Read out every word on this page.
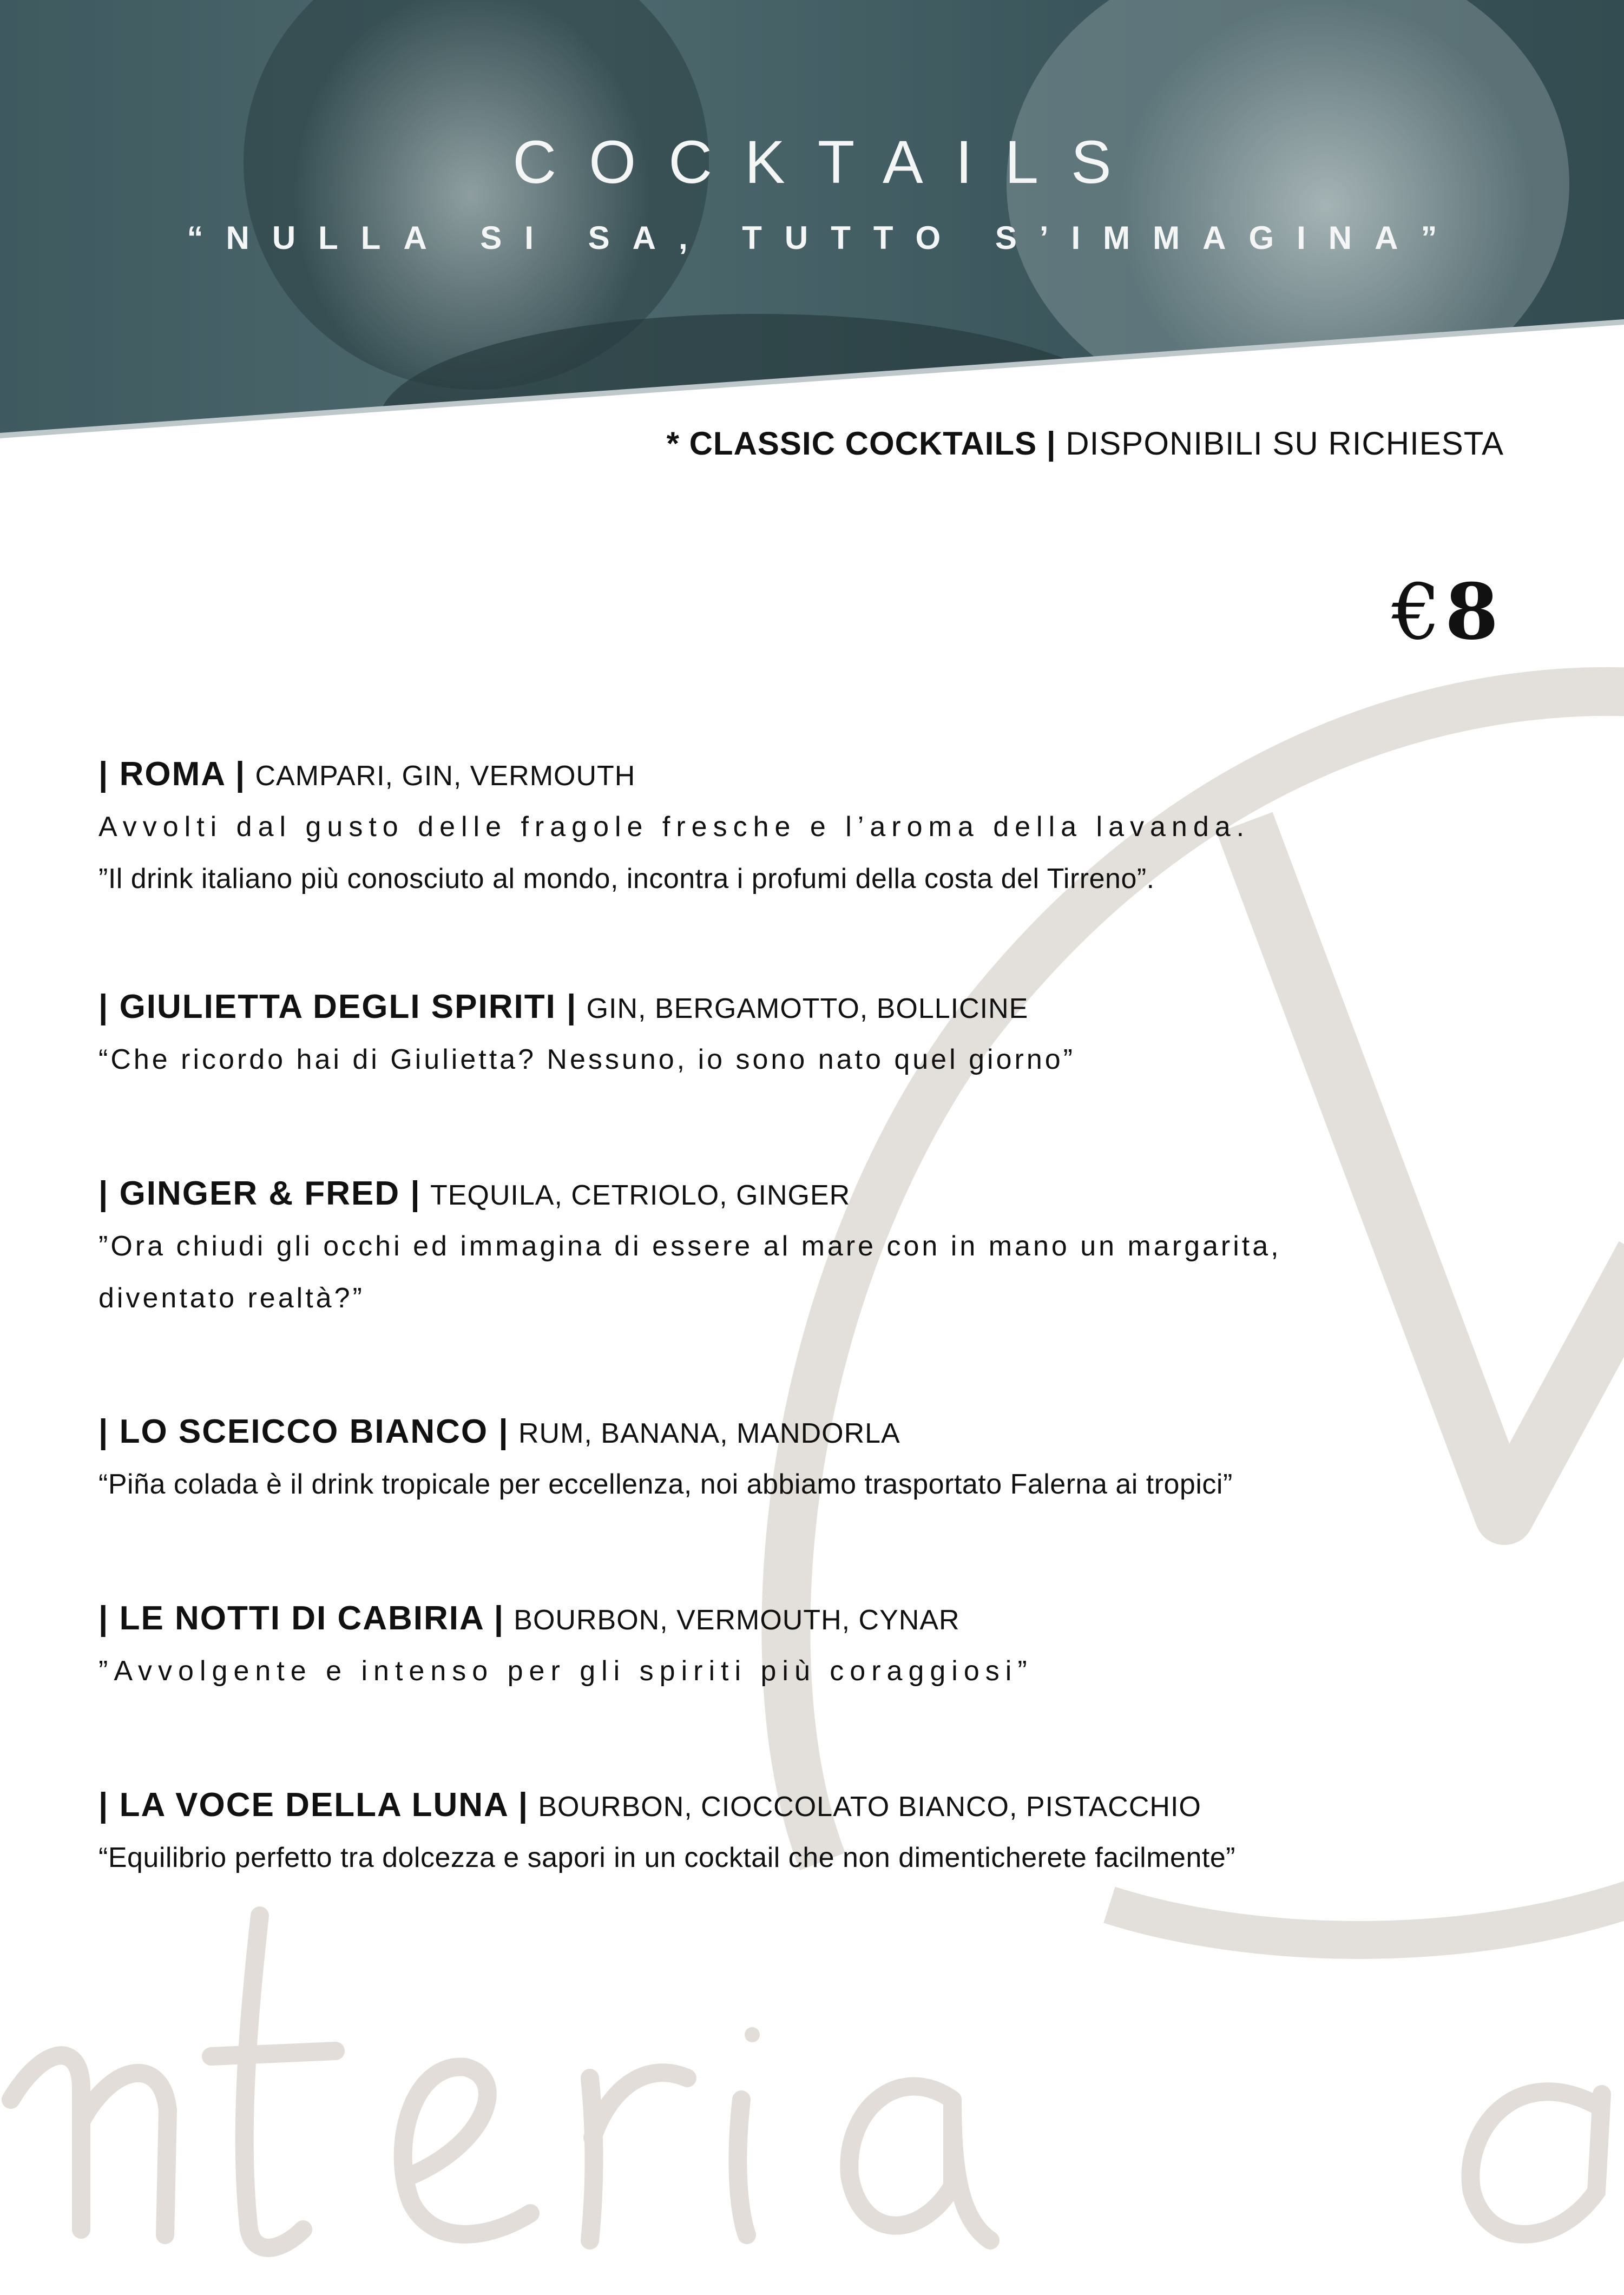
COCKTAILS
“NULLA SI SA, TUTTO S’IMMAGINA”
* CLASSIC COCKTAILS | DISPONIBILI SU RICHIESTA
€8

| ROMA | CAMPARI, GIN, VERMOUTH

Avvolti dal gusto delle fragole fresche e l’aroma della lavanda.
”Il drink italiano più conosciuto al mondo, incontra i profumi della costa del Tirreno”.

| GIULIETTA DEGLI SPIRITI | GIN, BERGAMOTTO, BOLLICINE

“Che ricordo hai di Giulietta? Nessuno, io sono nato quel giorno”

| GINGER & FRED | TEQUILA, CETRIOLO, GINGER

”Ora chiudi gli occhi ed immagina di essere al mare con in mano un margarita,
diventato realtà?”

| LO SCEICCO BIANCO | RUM, BANANA, MANDORLA

“Piña colada è il drink tropicale per eccellenza, noi abbiamo trasportato Falerna ai tropici”

| LE NOTTI DI CABIRIA | BOURBON, VERMOUTH, CYNAR

”Avvolgente e intenso per gli spiriti più coraggiosi”

| LA VOCE DELLA LUNA | BOURBON, CIOCCOLATO BIANCO, PISTACCHIO

“Equilibrio perfetto tra dolcezza e sapori in un cocktail che non dimenticherete facilmente”
